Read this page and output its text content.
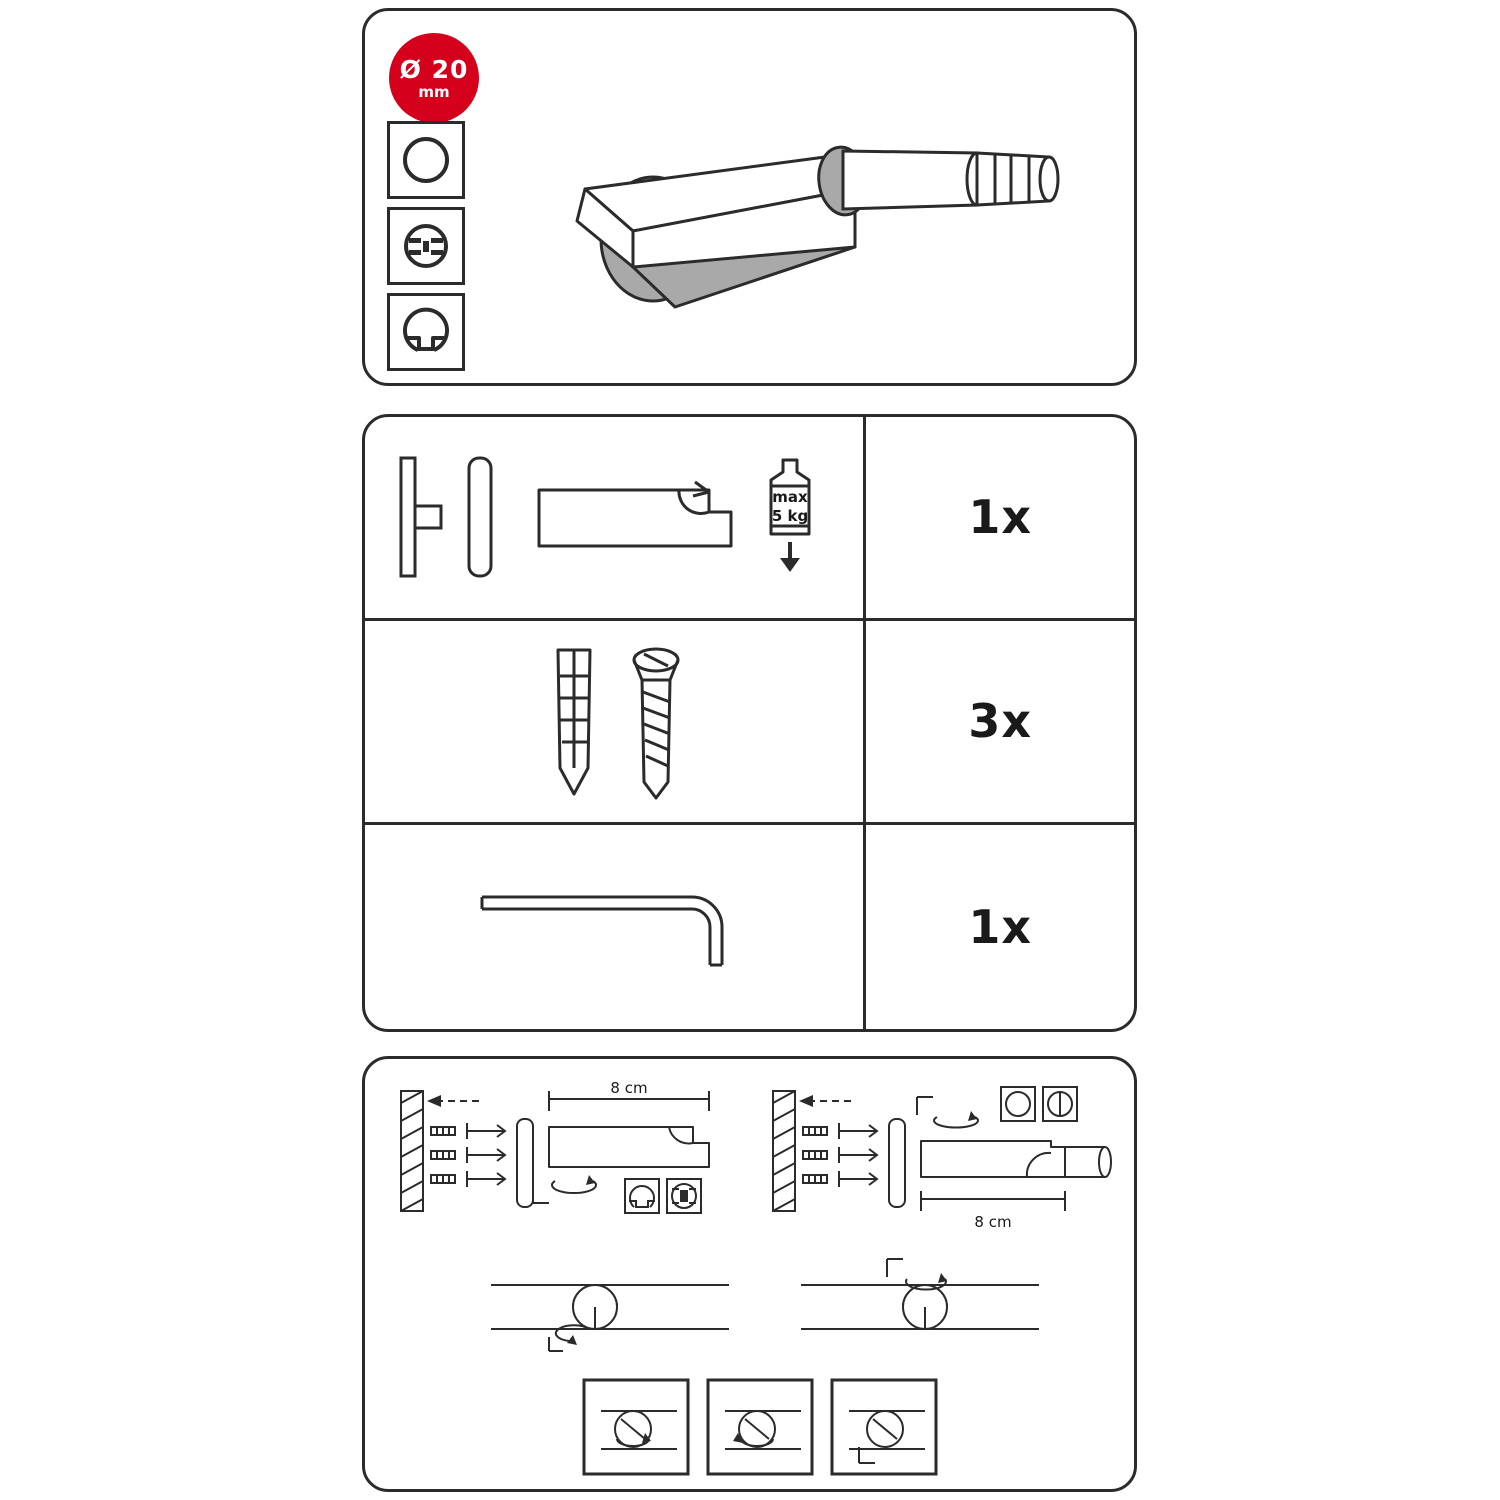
Ø 20
mm
max
5 kg	1x
3x
1x
8 cm
8 cm
